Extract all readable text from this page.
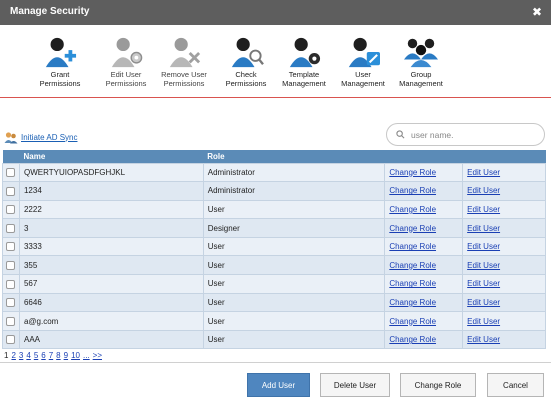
Manage Security	✖
Grant
Permissions
Edit User
Permissions
Remove User
Permissions
Check
Permissions
Template
Management
User
Management
Group
Management
Initiate AD Sync
user name.
	Name	Role		
	QWERTYUIOPASDFGHJKL	Administrator	Change Role	Edit User
	1234	Administrator	Change Role	Edit User
	2222	User	Change Role	Edit User
	3	Designer	Change Role	Edit User
	3333	User	Change Role	Edit User
	355	User	Change Role	Edit User
	567	User	Change Role	Edit User
	6646	User	Change Role	Edit User
	a@g.com	User	Change Role	Edit User
	AAA	User	Change Role	Edit User
1 2 3 4 5 6 7 8 9 10 ... >>
Add User	Delete User	Change Role	Cancel
